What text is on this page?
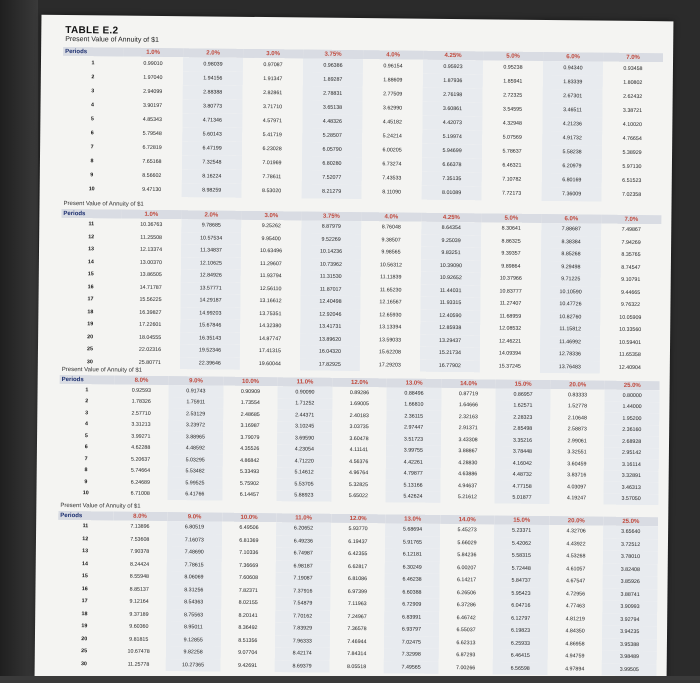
TABLE E.2
Present Value of Annuity of $1
Periods	1.0%	2.0%	3.0%	3.75%	4.0%	4.25%	5.0%	6.0%	7.0%
1	0.99010	0.98039	0.97087	0.96386	0.96154	0.95923	0.95238	0.94340	0.93458
2	1.97040	1.94156	1.91347	1.89287	1.88609	1.87936	1.85941	1.83339	1.80802
3	2.94099	2.88388	2.82861	2.78831	2.77509	2.76198	2.72325	2.67301	2.62432
4	3.90197	3.80773	3.71710	3.65138	3.62990	3.60861	3.54595	3.46511	3.38721
5	4.85343	4.71346	4.57971	4.48326	4.45182	4.42073	4.32948	4.21236	4.10020
6	5.79548	5.60143	5.41719	5.28507	5.24214	5.19974	5.07569	4.91732	4.76654
7	6.72819	6.47199	6.23028	6.05790	6.00205	5.94699	5.78637	5.58238	5.38929
8	7.65168	7.32548	7.01969	6.80280	6.73274	6.66378	6.46321	6.20979	5.97130
9	8.56602	8.16224	7.78611	7.52077	7.43533	7.35135	7.10782	6.80169	6.51523
10	9.47130	8.98259	8.53020	8.21279	8.11090	8.01089	7.72173	7.36009	7.02358
Present Value of Annuity of $1
Periods	1.0%	2.0%	3.0%	3.75%	4.0%	4.25%	5.0%	6.0%	7.0%
11	10.36763	9.78685	9.25262	8.87979	8.76048	8.64354	8.30641	7.88687	7.49867
12	11.25508	10.57534	9.95400	9.52269	9.38507	9.25039	8.86325	8.38384	7.94269
13	12.13374	11.34837	10.63496	10.14236	9.98565	9.83251	9.39357	8.85268	8.35765
14	13.00370	12.10625	11.29607	10.73962	10.56312	10.39090	9.89864	9.29498	8.74547
15	13.86505	12.84926	11.93794	11.31530	11.11839	10.92652	10.37966	9.71225	9.10791
16	14.71787	13.57771	12.56110	11.87017	11.65230	11.44031	10.83777	10.10590	9.44665
17	15.56225	14.29187	13.16612	12.40498	12.16567	11.93315	11.27407	10.47726	9.76322
18	16.39827	14.99203	13.75351	12.92046	12.65930	12.40590	11.68959	10.82760	10.05909
19	17.22601	15.67846	14.32380	13.41731	13.13394	12.85938	12.08532	11.15812	10.33560
20	18.04555	16.35143	14.87747	13.89620	13.59033	13.29437	12.46221	11.46992	10.59401
25	22.02316	19.52346	17.41315	16.04320	15.62208	15.21734	14.09394	12.78336	11.65358
30	25.80771	22.39646	19.60044	17.82925	17.29203	16.77902	15.37245	13.76483	12.40904
Present Value of Annuity of $1
Periods	8.0%	9.0%	10.0%	11.0%	12.0%	13.0%	14.0%	15.0%	20.0%	25.0%
1	0.92593	0.91743	0.90909	0.90090	0.89286	0.88496	0.87719	0.86957	0.83333	0.80000
2	1.78326	1.75911	1.73554	1.71252	1.69005	1.66810	1.64666	1.62571	1.52778	1.44000
3	2.57710	2.53129	2.48685	2.44371	2.40183	2.36115	2.32163	2.28323	2.10648	1.95200
4	3.31213	3.23972	3.16987	3.10245	3.03735	2.97447	2.91371	2.85498	2.58873	2.36160
5	3.99271	3.88965	3.79079	3.69590	3.60478	3.51723	3.43308	3.35216	2.99061	2.68928
6	4.62288	4.48592	4.35526	4.23054	4.11141	3.99755	3.88867	3.78448	3.32551	2.95142
7	5.20637	5.03295	4.86842	4.71220	4.56376	4.42261	4.28830	4.16042	3.60459	3.16114
8	5.74664	5.53482	5.33493	5.14612	4.96764	4.79877	4.63886	4.48732	3.83716	3.32891
9	6.24689	5.99525	5.75902	5.53705	5.32825	5.13166	4.94637	4.77158	4.03097	3.46313
10	6.71008	6.41766	6.14457	5.88923	5.65022	5.42624	5.21612	5.01877	4.19247	3.57050
Present Value of Annuity of $1
Periods	8.0%	9.0%	10.0%	11.0%	12.0%	13.0%	14.0%	15.0%	20.0%	25.0%
11	7.13896	6.80519	6.49506	6.20652	5.93770	5.68694	5.45273	5.23371	4.32706	3.65640
12	7.53608	7.16073	6.81369	6.49236	6.19437	5.91765	5.66029	5.42062	4.43922	3.72512
13	7.90378	7.48690	7.10336	6.74987	6.42355	6.12181	5.84236	5.58315	4.53268	3.78010
14	8.24424	7.78615	7.36669	6.98187	6.62817	6.30249	6.00207	5.72448	4.61057	3.82408
15	8.55948	8.06069	7.60608	7.19087	6.81086	6.46238	6.14217	5.84737	4.67547	3.85926
16	8.85137	8.31256	7.82371	7.37916	6.97399	6.60388	6.26506	5.95423	4.72956	3.88741
17	9.12164	8.54363	8.02155	7.54879	7.11963	6.72909	6.37286	6.04716	4.77463	3.90993
18	9.37189	8.75563	8.20141	7.70162	7.24967	6.83991	6.46742	6.12797	4.81219	3.92794
19	9.60360	8.95011	8.36492	7.83929	7.36578	6.93797	6.55037	6.19823	4.84350	3.94235
20	9.81815	9.12855	8.51356	7.96333	7.46944	7.02475	6.62313	6.25933	4.86958	3.95388
25	10.67478	9.82258	9.07704	8.42174	7.84314	7.32998	6.87293	6.46415	4.94759	3.98489
30	11.25778	10.27365	9.42691	8.69379	8.05518	7.49565	7.00266	6.56598	4.97894	3.99505
